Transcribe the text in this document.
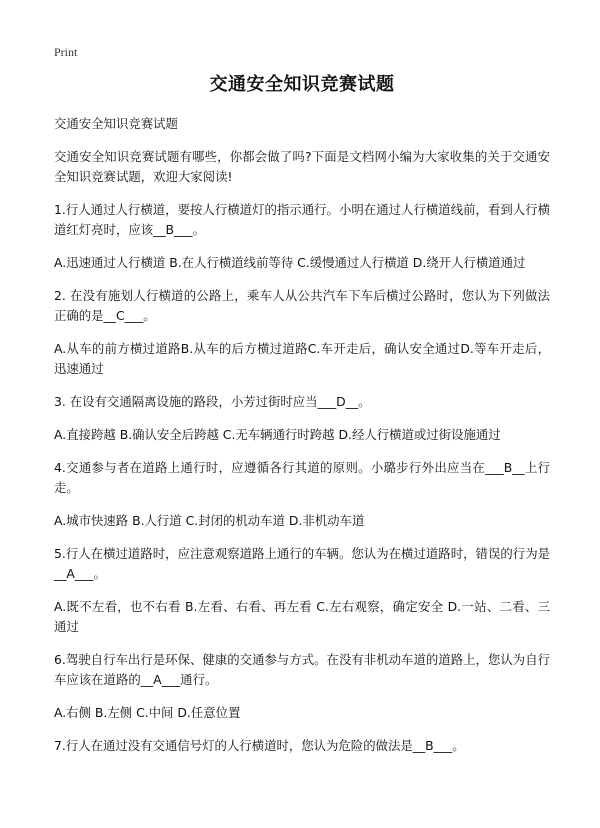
Print
交通安全知识竞赛试题
交通安全知识竞赛试题
交通安全知识竞赛试题有哪些，你都会做了吗?下面是文档网小编为大家收集的关于交通安全知识竞赛试题，欢迎大家阅读!
1.行人通过人行横道，要按人行横道灯的指示通行。小明在通过人行横道线前，看到人行横道红灯亮时，应该__B___。
A.迅速通过人行横道 B.在人行横道线前等待 C.缓慢通过人行横道 D.绕开人行横道通过
2. 在没有施划人行横道的公路上，乘车人从公共汽车下车后横过公路时，您认为下列做法正确的是__C___。
A.从车的前方横过道路B.从车的后方横过道路C.车开走后，确认安全通过D.等车开走后，迅速通过
3. 在设有交通隔离设施的路段，小芳过街时应当___D__。
A.直接跨越 B.确认安全后跨越 C.无车辆通行时跨越 D.经人行横道或过街设施通过
4.交通参与者在道路上通行时，应遵循各行其道的原则。小璐步行外出应当在___B__上行走。
A.城市快速路 B.人行道 C.封闭的机动车道 D.非机动车道
5.行人在横过道路时，应注意观察道路上通行的车辆。您认为在横过道路时，错误的行为是__A___。
A.既不左看，也不右看 B.左看、右看、再左看 C.左右观察，确定安全 D.一站、二看、三通过
6.驾驶自行车出行是环保、健康的交通参与方式。在没有非机动车道的道路上，您认为自行车应该在道路的__A___通行。
A.右侧 B.左侧 C.中间 D.任意位置
7.行人在通过没有交通信号灯的人行横道时，您认为危险的做法是__B___。
